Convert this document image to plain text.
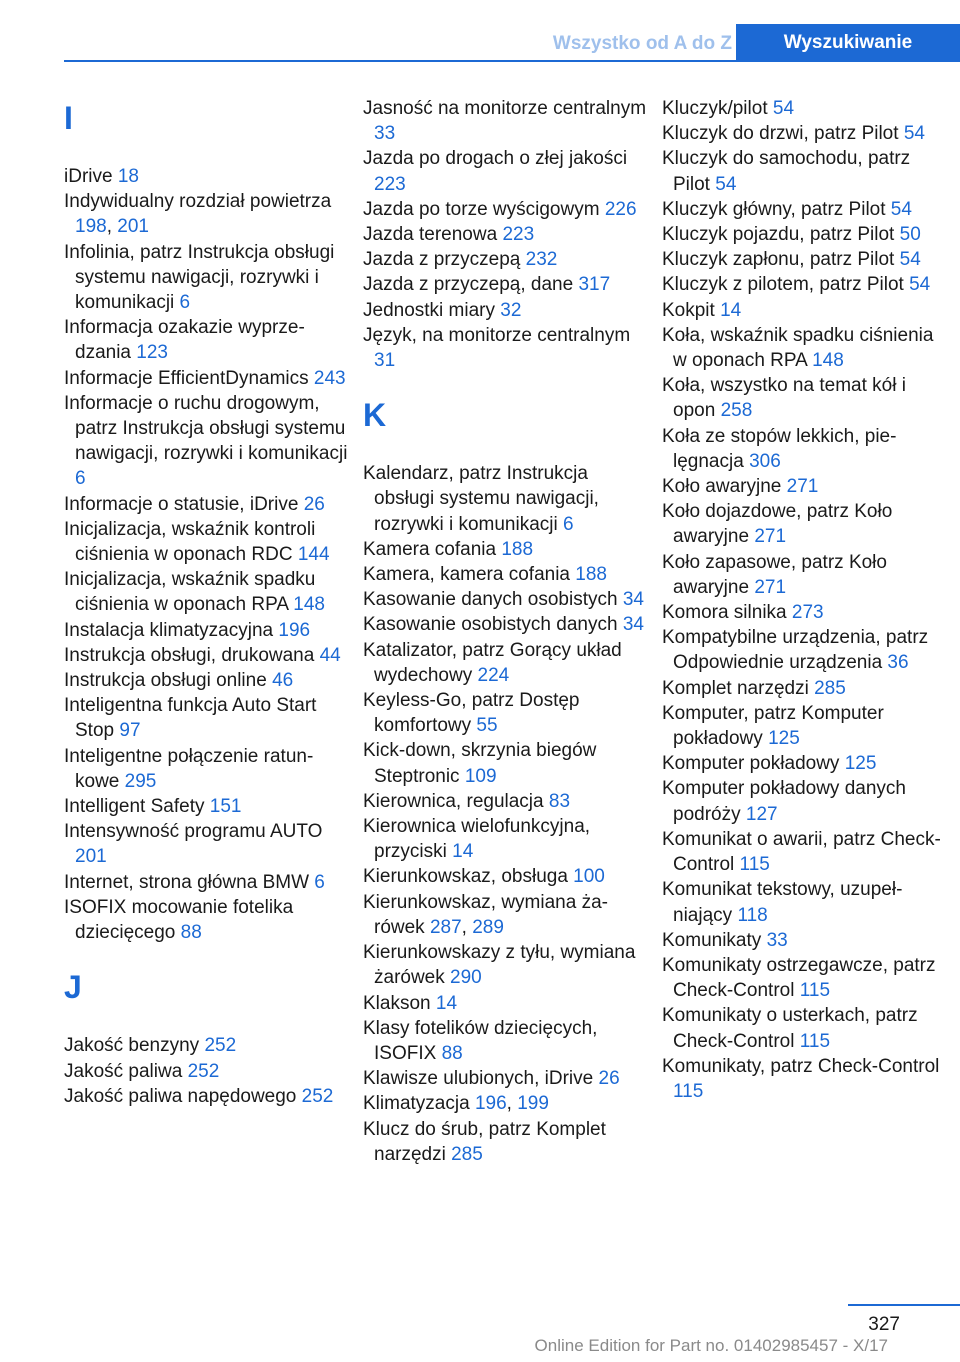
Wszystko od A do Z	Wyszukiwanie
I
iDrive 18
Indywidualny rozdział powietrza 198, 201
Infolinia, patrz Instrukcja obsługi systemu nawigacji, rozrywki i komunikacji 6
Informacja ozakazie wyprzedzania 123
Informacje EfficientDynamics 243
Informacje o ruchu drogowym, patrz Instrukcja obsługi systemu nawigacji, rozrywki i komunikacji 6
Informacje o statusie, iDrive 26
Inicjalizacja, wskaźnik kontroli ciśnienia w oponach RDC 144
Inicjalizacja, wskaźnik spadku ciśnienia w oponach RPA 148
Instalacja klimatyzacyjna 196
Instrukcja obsługi, drukowana 44
Instrukcja obsługi online 46
Inteligentna funkcja Auto Start Stop 97
Inteligentne połączenie ratunkowe 295
Intelligent Safety 151
Intensywność programu AUTO 201
Internet, strona główna BMW 6
ISOFIX mocowanie fotelika dziecięcego 88
J
Jakość benzyny 252
Jakość paliwa 252
Jakość paliwa napędowego 252
Jasność na monitorze centralnym 33
Jazda po drogach o złej jakości 223
Jazda po torze wyścigowym 226
Jazda terenowa 223
Jazda z przyczepą 232
Jazda z przyczepą, dane 317
Jednostki miary 32
Język, na monitorze centralnym 31
K
Kalendarz, patrz Instrukcja obsługi systemu nawigacji, rozrywki i komunikacji 6
Kamera cofania 188
Kamera, kamera cofania 188
Kasowanie danych osobistych 34
Kasowanie osobistych danych 34
Katalizator, patrz Gorący układ wydechowy 224
Keyless-Go, patrz Dostęp komfortowy 55
Kick-down, skrzynia biegów Steptronic 109
Kierownica, regulacja 83
Kierownica wielofunkcyjna, przyciski 14
Kierunkowskaz, obsługa 100
Kierunkowskaz, wymiana żarówek 287, 289
Kierunkowskazy z tyłu, wymiana żarówek 290
Klakson 14
Klasy fotelików dziecięcych, ISOFIX 88
Klawisze ulubionych, iDrive 26
Klimatyzacja 196, 199
Klucz do śrub, patrz Komplet narzędzi 285
Kluczyk/pilot 54
Kluczyk do drzwi, patrz Pilot 54
Kluczyk do samochodu, patrz Pilot 54
Kluczyk główny, patrz Pilot 54
Kluczyk pojazdu, patrz Pilot 50
Kluczyk zapłonu, patrz Pilot 54
Kluczyk z pilotem, patrz Pilot 54
Kokpit 14
Koła, wskaźnik spadku ciśnienia w oponach RPA 148
Koła, wszystko na temat kół i opon 258
Koła ze stopów lekkich, pielęgnacja 306
Koło awaryjne 271
Koło dojazdowe, patrz Koło awaryjne 271
Koło zapasowe, patrz Koło awaryjne 271
Komora silnika 273
Kompatybilne urządzenia, patrz Odpowiednie urządzenia 36
Komplet narzędzi 285
Komputer, patrz Komputer pokładowy 125
Komputer pokładowy 125
Komputer pokładowy danych podróży 127
Komunikat o awarii, patrz Check-Control 115
Komunikat tekstowy, uzupełniający 118
Komunikaty 33
Komunikaty ostrzegawcze, patrz Check-Control 115
Komunikaty o usterkach, patrz Check-Control 115
Komunikaty, patrz Check-Control 115
327
Online Edition for Part no. 01402985457 - X/17
